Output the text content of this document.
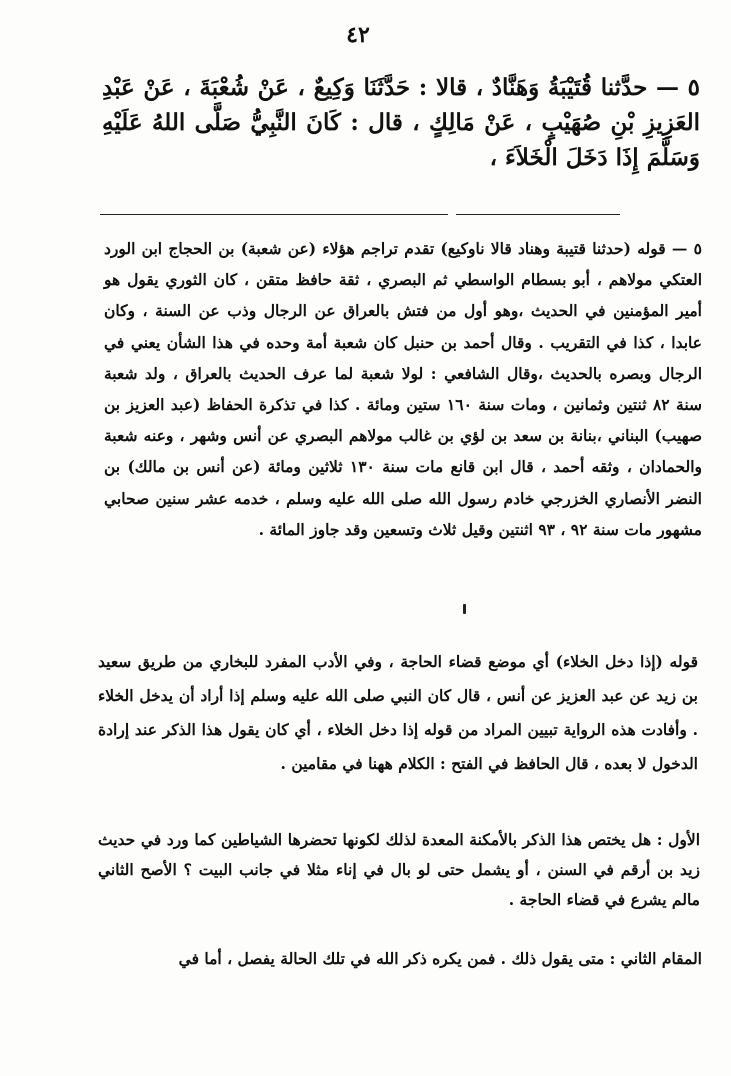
٤٢

٥ — حدَّثنا قُتَيْبَةُ وَهَنَّادٌ ، قالا : حَدَّثَنَا وَكِيعٌ ، عَنْ شُعْبَةَ ، عَنْ عَبْدِ العَزِيزِ بْنِ صُهَيْبٍ ، عَنْ مَالِكٍ ، قال : كَانَ النَّبِيُّ صَلَّى اللهُ عَلَيْهِ وَسَلَّمَ إِذَا دَخَلَ الْخَلاَءَ ،

٥ — قوله (حدثنا قتيبة وهناد قالا ناوكيع) تقدم تراجم هؤلاء (عن شعبة) بن الحجاج ابن الورد العتكي مولاهم ، أبو بسطام الواسطي ثم البصري ، ثقة حافظ متقن ، كان الثوري يقول هو أمير المؤمنين في الحديث ،وهو أول من فتش بالعراق عن الرجال وذب عن السنة ، وكان عابدا ، كذا في التقريب . وقال أحمد بن حنبل كان شعبة أمة وحده في هذا الشأن يعني في الرجال وبصره بالحديث ،وقال الشافعي : لولا شعبة لما عرف الحديث بالعراق ، ولد شعبة سنة ٨٢ ثنتين وثمانين ، ومات سنة ١٦٠ ستين ومائة . كذا في تذكرة الحفاظ (عبد العزيز بن صهيب) البناني ،بنانة بن سعد بن لؤي بن غالب مولاهم البصري عن أنس وشهر ، وعنه شعبة والحمادان ، وثقه أحمد ، قال ابن قانع مات سنة ١٣٠ ثلاثين ومائة (عن أنس بن مالك) بن النضر الأنصاري الخزرجي خادم رسول الله صلى الله عليه وسلم ، خدمه عشر سنين صحابي مشهور مات سنة ٩٢ ، ٩٣ اثنتين وقيل ثلاث وتسعين وقد جاوز المائة .

قوله (إذا دخل الخلاء) أي موضع قضاء الحاجة ، وفي الأدب المفرد للبخاري من طريق سعيد بن زيد عن عبد العزيز عن أنس ، قال كان النبي صلى الله عليه وسلم إذا أراد أن يدخل الخلاء . وأفادت هذه الرواية تبيين المراد من قوله إذا دخل الخلاء ، أي كان يقول هذا الذكر عند إرادة الدخول لا بعده ، قال الحافظ في الفتح : الكلام ههنا في مقامين .

الأول : هل يختص هذا الذكر بالأمكنة المعدة لذلك لكونها تحضرها الشياطين كما ورد في حديث زيد بن أرقم في السنن ، أو يشمل حتى لو بال في إناء مثلا في جانب البيت ؟ الأصح الثاني مالم يشرع في قضاء الحاجة .

المقام الثاني : متى يقول ذلك . فمن يكره ذكر الله في تلك الحالة يفصل ، أما في
